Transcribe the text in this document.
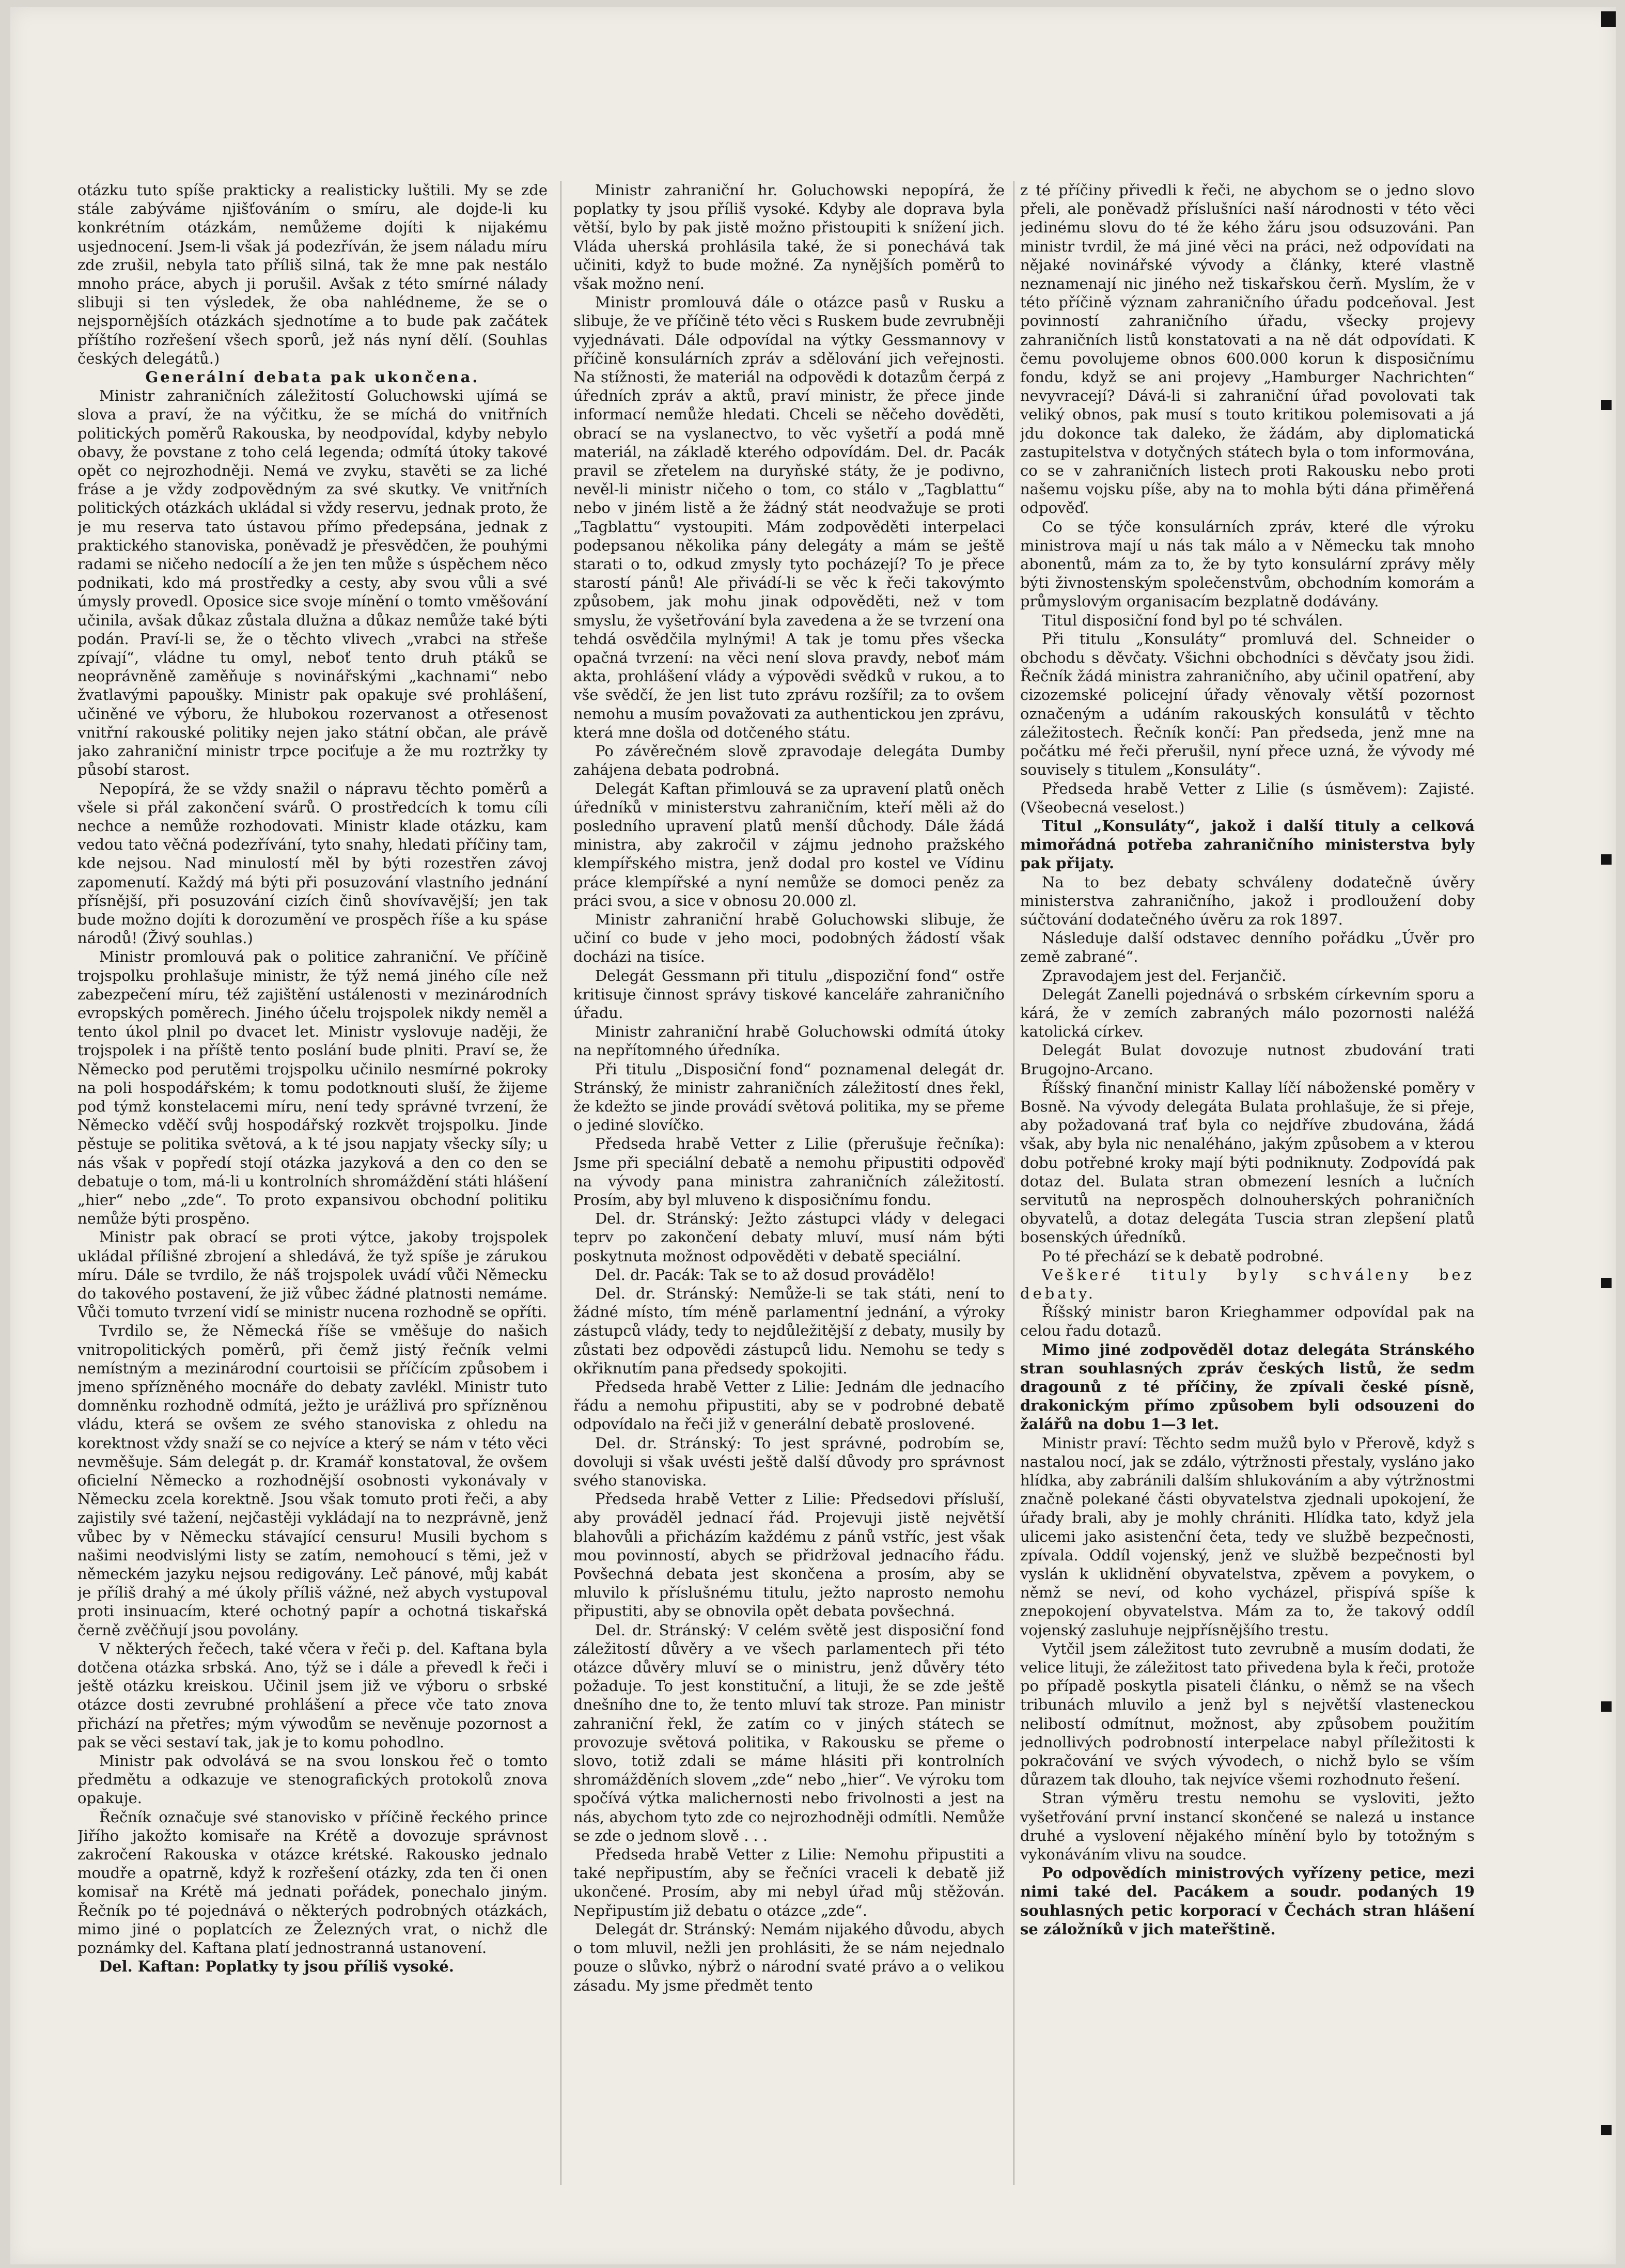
otázku tuto spíše prakticky a realisticky luštili. My se zde stále zabýváme njišťováním o smíru, ale dojde-li ku konkrétním otázkám, nemůžeme dojíti k nijakému usjednocení. Jsem-li však já podezříván, že jsem náladu míru zde zrušil, nebyla tato příliš silná, tak že mne pak nestálo mnoho práce, abych ji porušil. Avšak z této smírné nálady slibuji si ten výsledek, že oba nahlédneme, že se o nejspornějších otázkách sjednotíme a to bude pak začátek příštího rozřešení všech sporů, jež nás nyní dělí. (Souhlas českých delegátů.)

Generální debata pak ukončena.

Ministr zahraničních záležitostí Goluchowski ujímá se slova a praví, že na výčitku, že se míchá do vnitřních politických poměrů Rakouska, by neodpovídal, kdyby nebylo obavy, že povstane z toho celá legenda; odmítá útoky takové opět co nejrozhodněji. Nemá ve zvyku, stavěti se za liché fráse a je vždy zodpovědným za své skutky. Ve vnitřních politických otázkách ukládal si vždy reservu, jednak proto, že je mu reserva tato ústavou přímo předepsána, jednak z praktického stanoviska, poněvadž je přesvědčen, že pouhými radami se ničeho nedocílí a že jen ten může s úspěchem něco podnikati, kdo má prostředky a cesty, aby svou vůli a své úmysly provedl. Oposice sice svoje mínění o tomto vměšování učinila, avšak důkaz zůstala dlužna a důkaz nemůže také býti podán. Praví-li se, že o těchto vlivech „vrabci na střeše zpívají“, vládne tu omyl, neboť tento druh ptáků se neoprávněně zaměňuje s novinářskými „kachnami“ nebo žvatlavými papoušky. Ministr pak opakuje své prohlášení, učiněné ve výboru, že hlubokou rozervanost a otřesenost vnitřní rakouské politiky nejen jako státní občan, ale právě jako zahraniční ministr trpce pociťuje a že mu roztržky ty působí starost.

Nepopírá, že se vždy snažil o nápravu těchto poměrů a všele si přál zakončení svárů. O prostředcích k tomu cíli nechce a nemůže rozhodovati. Ministr klade otázku, kam vedou tato věčná podezřívání, tyto snahy, hledati příčiny tam, kde nejsou. Nad minulostí měl by býti rozestřen závoj zapomenutí. Každý má býti při posuzování vlastního jednání přísnější, při posuzování cizích činů shovívavější; jen tak bude možno dojíti k dorozumění ve prospěch říše a ku spáse národů! (Živý souhlas.)

Ministr promlouvá pak o politice zahraniční. Ve příčině trojspolku prohlašuje ministr, že týž nemá jiného cíle než zabezpečení míru, též zajištění ustálenosti v mezinárodních evropských poměrech. Jiného účelu trojspolek nikdy neměl a tento úkol plnil po dvacet let. Ministr vyslovuje naději, že trojspolek i na příště tento poslání bude plniti. Praví se, že Německo pod perutěmi trojspolku učinilo nesmírné pokroky na poli hospodářském; k tomu podotknouti sluší, že žijeme pod týmž konstelacemi míru, není tedy správné tvrzení, že Německo vděčí svůj hospodářský rozkvět trojspolku. Jinde pěstuje se politika světová, a k té jsou napjaty všecky síly; u nás však v popředí stojí otázka jazyková a den co den se debatuje o tom, má-li u kontrolních shromáždění státi hlášení „hier“ nebo „zde“. To proto expansivou obchodní politiku nemůže býti prospěno.

Ministr pak obrací se proti výtce, jakoby trojspolek ukládal přílišné zbrojení a shledává, že tyž spíše je zárukou míru. Dále se tvrdilo, že náš trojspolek uvádí vůči Německu do takového postavení, že již vůbec žádné platnosti nemáme. Vůči tomuto tvrzení vidí se ministr nucena rozhodně se opříti.

Tvrdilo se, že Německá říše se vměšuje do našich vnitropolitických poměrů, při čemž jistý řečník velmi nemístným a mezinárodní courtoisii se příčícím způsobem i jmeno spřízněného mocnáře do debaty zavlékl. Ministr tuto domněnku rozhodně odmítá, ježto je urážlivá pro spřízněnou vládu, která se ovšem ze svého stanoviska z ohledu na korektnost vždy snaží se co nejvíce a který se nám v této věci nevměšuje. Sám delegát p. dr. Kramář konstatoval, že ovšem oficielní Německo a rozhodnější osobnosti vykonávaly v Německu zcela korektně. Jsou však tomuto proti řeči, a aby zajistily své tažení, nejčastěji vykládají na to nezprávně, jenž vůbec by v Německu stávající censuru! Musili bychom s našimi neodvislými listy se zatím, nemohoucí s těmi, jež v německém jazyku nejsou redigovány. Leč pánové, můj kabát je příliš drahý a mé úkoly příliš vážné, než abych vystupoval proti insinuacím, které ochotný papír a ochotná tiskařská černě zvěčňují jsou povolány.

V některých řečech, také včera v řeči p. del. Kaftana byla dotčena otázka srbská. Ano, týž se i dále a převedl k řeči i ještě otázku kreiskou. Učinil jsem již ve výboru o srbské otázce dosti zevrubné prohlášení a přece vče tato znova přichází na přetřes; mým výwodům se nevěnuje pozornost a pak se věci sestaví tak, jak je to komu pohodlno.

Ministr pak odvolává se na svou lonskou řeč o tomto předmětu a odkazuje ve stenografických protokolů znova opakuje.

Řečník označuje své stanovisko v příčině řeckého prince Jiřího jakožto komisaře na Krétě a dovozuje správnost zakročení Rakouska v otázce krétské. Rakousko jednalo moudře a opatrně, když k rozřešení otázky, zda ten či onen komisař na Krétě má jednati pořádek, ponechalo jiným. Řečník po té pojednává o některých podrobných otázkách, mimo jiné o poplatcích ze Železných vrat, o nichž dle poznámky del. Kaftana platí jednostranná ustanovení.

Del. Kaftan: Poplatky ty jsou příliš vysoké.

Ministr zahraniční hr. Goluchowski nepopírá, že poplatky ty jsou příliš vysoké. Kdyby ale doprava byla větší, bylo by pak jistě možno přistoupiti k snížení jich. Vláda uherská prohlásila také, že si ponechává tak učiniti, když to bude možné. Za nynějších poměrů to však možno není.

Ministr promlouvá dále o otázce pasů v Rusku a slibuje, že ve příčině této věci s Ruskem bude zevrubněji vyjednávati. Dále odpovídal na výtky Gessmannovy v příčině konsulárních zpráv a sdělování jich veřejnosti. Na stížnosti, že materiál na odpovědi k dotazům čerpá z úředních zpráv a aktů, praví ministr, že přece jinde informací nemůže hledati. Chceli se něčeho dověděti, obrací se na vyslanectvo, to věc vyšetří a podá mně materiál, na základě kterého odpovídám. Del. dr. Pacák pravil se zřetelem na duryňské státy, že je podivno, nevěl-li ministr ničeho o tom, co stálo v „Tagblattu“ nebo v jiném listě a že žádný stát neodvažuje se proti „Tagblattu“ vystoupiti. Mám zodpověděti interpelaci podepsanou několika pány delegáty a mám se ještě starati o to, odkud zmysly tyto pocházejí? To je přece starostí pánů! Ale přivádí-li se věc k řeči takovýmto způsobem, jak mohu jinak odpověděti, než v tom smyslu, že vyšetřování byla zavedena a že se tvrzení ona tehdá osvědčila mylnými! A tak je tomu přes všecka opačná tvrzení: na věci není slova pravdy, neboť mám akta, prohlášení vlády a výpovědi svědků v rukou, a to vše svědčí, že jen list tuto zprávu rozšířil; za to ovšem nemohu a musím považovati za authentickou jen zprávu, která mne došla od dotčeného státu.

Po závěrečném slově zpravodaje delegáta Dumby zahájena debata podrobná.

Delegát Kaftan přimlouvá se za upravení platů oněch úředníků v ministerstvu zahraničním, kteří měli až do posledního upravení platů menší důchody. Dále žádá ministra, aby zakročil v zájmu jednoho pražského klempířského mistra, jenž dodal pro kostel ve Vídinu práce klempířské a nyní nemůže se domoci peněz za práci svou, a sice v obnosu 20.000 zl.

Ministr zahraniční hrabě Goluchowski slibuje, že učiní co bude v jeho moci, podobných žádostí však docházi na tisíce.

Delegát Gessmann při titulu „dispoziční fond“ ostře kritisuje činnost správy tiskové kanceláře zahraničního úřadu.

Ministr zahraniční hrabě Goluchowski odmítá útoky na nepřítomného úředníka.

Při titulu „Disposiční fond“ poznamenal delegát dr. Stránský, že ministr zahraničních záležitostí dnes řekl, že kdežto se jinde provádí světová politika, my se přeme o jediné slovíčko.

Předseda hrabě Vetter z Lilie (přerušuje řečníka): Jsme při speciální debatě a nemohu připustiti odpověď na vývody pana ministra zahraničních záležitostí. Prosím, aby byl mluveno k disposičnímu fondu.

Del. dr. Stránský: Ježto zástupci vlády v delegaci teprv po zakončení debaty mluví, musí nám býti poskytnuta možnost odpověděti v debatě speciální.

Del. dr. Pacák: Tak se to až dosud provádělo!

Del. dr. Stránský: Nemůže-li se tak státi, není to žádné místo, tím méně parlamentní jednání, a výroky zástupců vlády, tedy to nejdůležitější z debaty, musily by zůstati bez odpovědi zástupců lidu. Nemohu se tedy s okřiknutím pana předsedy spokojiti.

Předseda hrabě Vetter z Lilie: Jednám dle jednacího řádu a nemohu připustiti, aby se v podrobné debatě odpovídalo na řeči již v generální debatě proslovené.

Del. dr. Stránský: To jest správné, podrobím se, dovoluji si však uvésti ještě další důvody pro správnost svého stanoviska.

Předseda hrabě Vetter z Lilie: Předsedovi přísluší, aby prováděl jednací řád. Projevuji jistě největší blahovůli a přicházím každému z pánů vstříc, jest však mou povinností, abych se přidržoval jednacího řádu. Povšechná debata jest skončena a prosím, aby se mluvilo k příslušnému titulu, ježto naprosto nemohu připustiti, aby se obnovila opět debata povšechná.

Del. dr. Stránský: V celém světě jest disposiční fond záležitostí důvěry a ve všech parlamentech při této otázce důvěry mluví se o ministru, jenž důvěry této požaduje. To jest konstituční, a lituji, že se zde ještě dnešního dne to, že tento mluví tak stroze. Pan ministr zahraniční řekl, že zatím co v jiných státech se provozuje světová politika, v Rakousku se přeme o slovo, totiž zdali se máme hlásiti při kontrolních shromážděních slovem „zde“ nebo „hier“. Ve výroku tom spočívá výtka malichernosti nebo frivolnosti a jest na nás, abychom tyto zde co nejrozhodněji odmítli. Nemůže se zde o jednom slově . . .

Předseda hrabě Vetter z Lilie: Nemohu připustiti a také nepřipustím, aby se řečníci vraceli k debatě již ukončené. Prosím, aby mi nebyl úřad můj stěžován. Nepřipustím již debatu o otázce „zde“.

Delegát dr. Stránský: Nemám nijakého důvodu, abych o tom mluvil, nežli jen prohlásiti, že se nám nejednalo pouze o slůvko, nýbrž o národní svaté právo a o velikou zásadu. My jsme předmět tento

z té příčiny přivedli k řeči, ne abychom se o jedno slovo přeli, ale poněvadž příslušníci naší národnosti v této věci jedinému slovu do té že kého žáru jsou odsuzováni. Pan ministr tvrdil, že má jiné věci na práci, než odpovídati na nějaké novinářské vývody a články, které vlastně neznamenají nic jiného než tiskařskou čerň. Myslím, že v této příčině význam zahraničního úřadu podceňoval. Jest povinností zahraničního úřadu, všecky projevy zahraničních listů konstatovati a na ně dát odpovídati. K čemu povolujeme obnos 600.000 korun k disposičnímu fondu, když se ani projevy „Hamburger Nachrichten“ nevyvracejí? Dává-li si zahraniční úřad povolovati tak veliký obnos, pak musí s touto kritikou polemisovati a já jdu dokonce tak daleko, že žádám, aby diplomatická zastupitelstva v dotyčných státech byla o tom informována, co se v zahraničních listech proti Rakousku nebo proti našemu vojsku píše, aby na to mohla býti dána přiměřená odpověď.

Co se týče konsulárních zpráv, které dle výroku ministrova mají u nás tak málo a v Německu tak mnoho abonentů, mám za to, že by tyto konsulární zprávy měly býti živnostenským společenstvům, obchodním komorám a průmyslovým organisacím bezplatně dodávány.

Titul disposiční fond byl po té schválen.

Při titulu „Konsuláty“ promluvá del. Schneider o obchodu s děvčaty. Všichni obchodníci s děvčaty jsou židi. Řečník žádá ministra zahraničního, aby učinil opatření, aby cizozemské policejní úřady věnovaly větší pozornost označeným a udáním rakouských konsulátů v těchto záležitostech. Řečník končí: Pan předseda, jenž mne na počátku mé řeči přerušil, nyní přece uzná, že vývody mé souvisely s titulem „Konsuláty“.

Předseda hrabě Vetter z Lilie (s úsměvem): Zajisté. (Všeobecná veselost.)

Titul „Konsuláty“, jakož i další tituly a celková mimořádná potřeba zahraničního ministerstva byly pak přijaty.

Na to bez debaty schváleny dodatečně úvěry ministerstva zahraničního, jakož i prodloužení doby súčtování dodatečného úvěru za rok 1897.

Následuje další odstavec denního pořádku „Úvěr pro země zabrané“.

Zpravodajem jest del. Ferjančič.

Delegát Zanelli pojednává o srbském církevním sporu a kárá, že v zemích zabraných málo pozornosti naléžá katolická církev.

Delegát Bulat dovozuje nutnost zbudování trati Brugojno-Arcano.

Říšský finanční ministr Kallay líčí náboženské poměry v Bosně. Na vývody delegáta Bulata prohlašuje, že si přeje, aby požadovaná trať byla co nejdříve zbudována, žádá však, aby byla nic nenaléháno, jakým způsobem a v kterou dobu potřebné kroky mají býti podniknuty. Zodpovídá pak dotaz del. Bulata stran obmezení lesních a lučních servitutů na neprospěch dolnouherských pohraničních obyvatelů, a dotaz delegáta Tuscia stran zlepšení platů bosenských úředníků.

Po té přechází se k debatě podrobné.

Veškeré tituly byly schváleny bez debaty.

Říšský ministr baron Krieghammer odpovídal pak na celou řadu dotazů.

Mimo jiné zodpověděl dotaz delegáta Stránského stran souhlasných zpráv českých listů, že sedm dragounů z té příčiny, že zpívali české písně, drakonickým přímo způsobem byli odsouzeni do žalářů na dobu 1—3 let.

Ministr praví: Těchto sedm mužů bylo v Přerově, když s nastalou nocí, jak se zdálo, výtržnosti přestaly, vysláno jako hlídka, aby zabránili dalším shlukováním a aby výtržnostmi značně polekané části obyvatelstva zjednali upokojení, že úřady brali, aby je mohly chrániti. Hlídka tato, když jela ulicemi jako asistenční četa, tedy ve službě bezpečnosti, zpívala. Oddíl vojenský, jenž ve službě bezpečnosti byl vyslán k uklidnění obyvatelstva, zpěvem a povykem, o němž se neví, od koho vycházel, přispívá spíše k znepokojení obyvatelstva. Mám za to, že takový oddíl vojenský zasluhuje nejpřísnějšího trestu.

Vytčil jsem záležitost tuto zevrubně a musím dodati, že velice lituji, že záležitost tato přivedena byla k řeči, protože po případě poskytla pisateli článku, o němž se na všech tribunách mluvilo a jenž byl s největší vlasteneckou nelibostí odmítnut, možnost, aby způsobem použitím jednollivých podrobností interpelace nabyl příležitosti k pokračování ve svých vývodech, o nichž bylo se vším důrazem tak dlouho, tak nejvíce všemi rozhodnuto řešení.

Stran výměru trestu nemohu se vysloviti, ježto vyšetřování první instancí skončené se nalezá u instance druhé a vyslovení nějakého mínění bylo by totožným s vykonáváním vlivu na soudce.

Po odpovědích ministrových vyřízeny petice, mezi nimi také del. Pacákem a soudr. podaných 19 souhlasných petic korporací v Čechách stran hlášení se záložníků v jich mateřštině.
